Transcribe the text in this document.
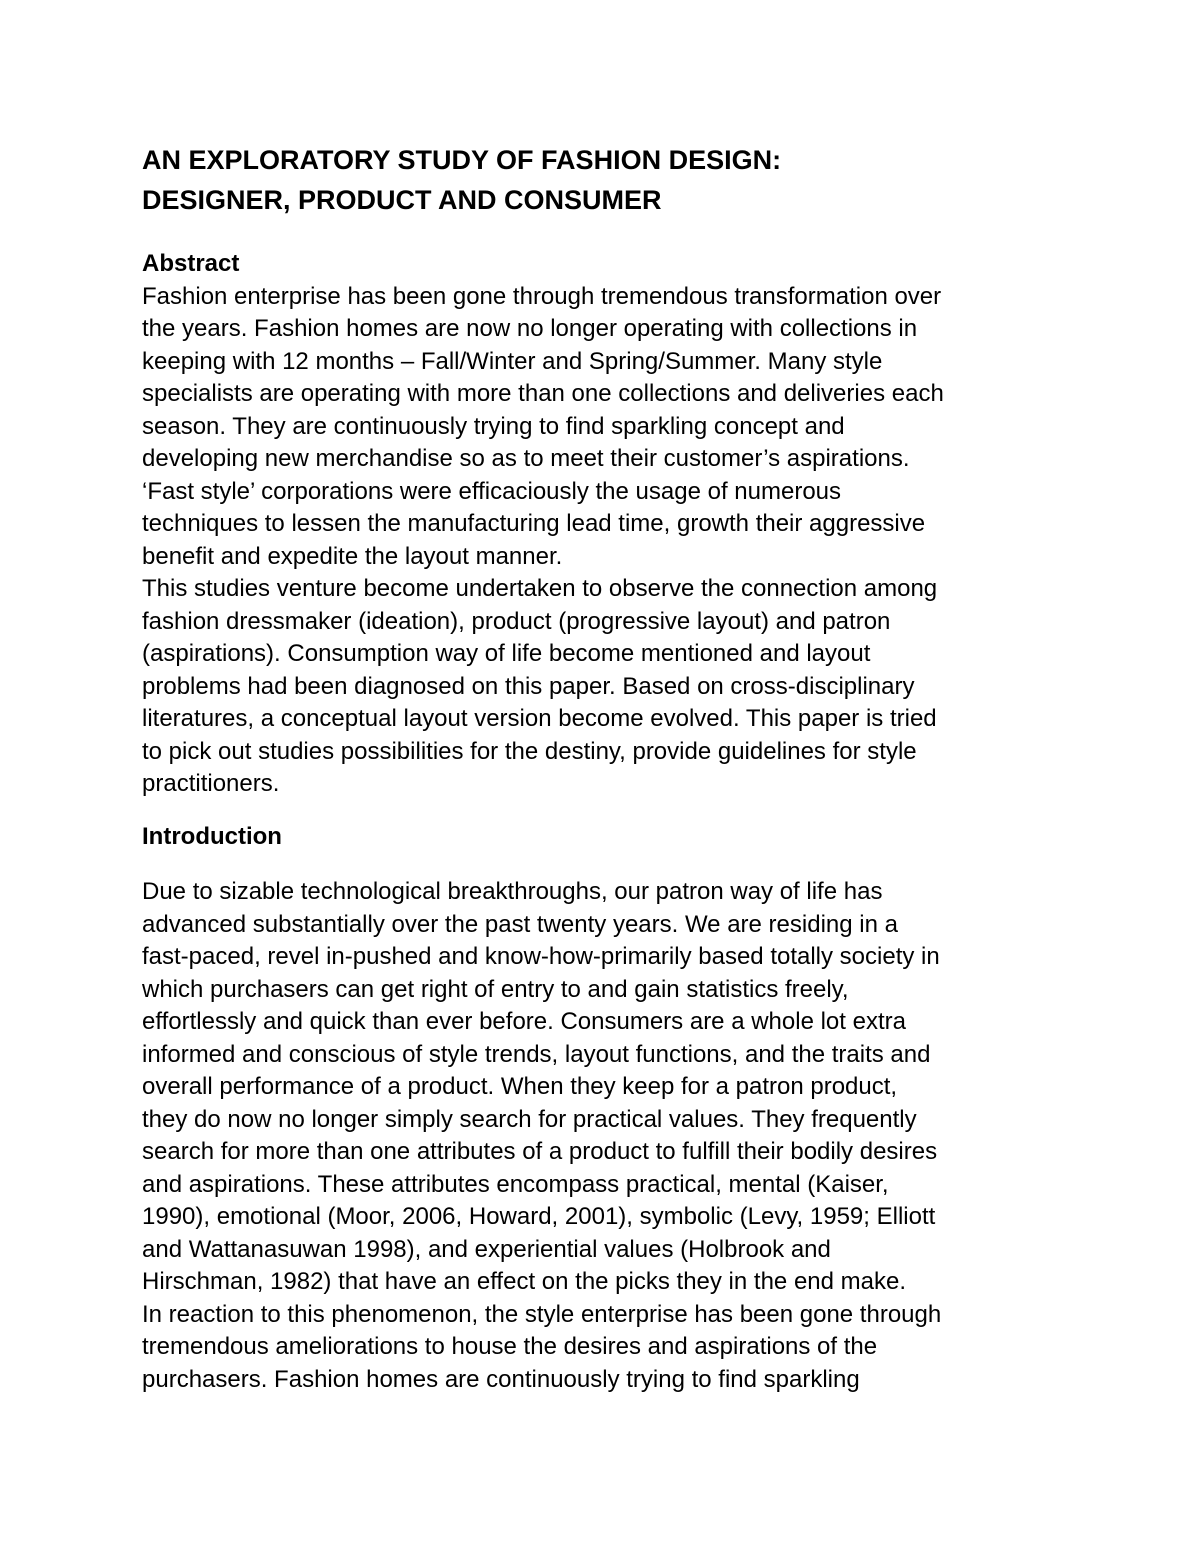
AN EXPLORATORY STUDY OF FASHION DESIGN:
DESIGNER, PRODUCT AND CONSUMER
Abstract

Fashion enterprise has been gone through tremendous transformation over
the years. Fashion homes are now no longer operating with collections in
keeping with 12 months – Fall/Winter and Spring/Summer. Many style
specialists are operating with more than one collections and deliveries each
season. They are continuously trying to find sparkling concept and
developing new merchandise so as to meet their customer’s aspirations.
‘Fast style’ corporations were efficaciously the usage of numerous
techniques to lessen the manufacturing lead time, growth their aggressive
benefit and expedite the layout manner.

This studies venture become undertaken to observe the connection among
fashion dressmaker (ideation), product (progressive layout) and patron
(aspirations). Consumption way of life become mentioned and layout
problems had been diagnosed on this paper. Based on cross-disciplinary
literatures, a conceptual layout version become evolved. This paper is tried
to pick out studies possibilities for the destiny, provide guidelines for style
practitioners.

Introduction

Due to sizable technological breakthroughs, our patron way of life has
advanced substantially over the past twenty years. We are residing in a
fast-paced, revel in-pushed and know-how-primarily based totally society in
which purchasers can get right of entry to and gain statistics freely,
effortlessly and quick than ever before. Consumers are a whole lot extra
informed and conscious of style trends, layout functions, and the traits and
overall performance of a product. When they keep for a patron product,
they do now no longer simply search for practical values. They frequently
search for more than one attributes of a product to fulfill their bodily desires
and aspirations. These attributes encompass practical, mental (Kaiser,
1990), emotional (Moor, 2006, Howard, 2001), symbolic (Levy, 1959; Elliott
and Wattanasuwan 1998), and experiential values (Holbrook and
Hirschman, 1982) that have an effect on the picks they in the end make.

In reaction to this phenomenon, the style enterprise has been gone through
tremendous ameliorations to house the desires and aspirations of the
purchasers. Fashion homes are continuously trying to find sparkling
